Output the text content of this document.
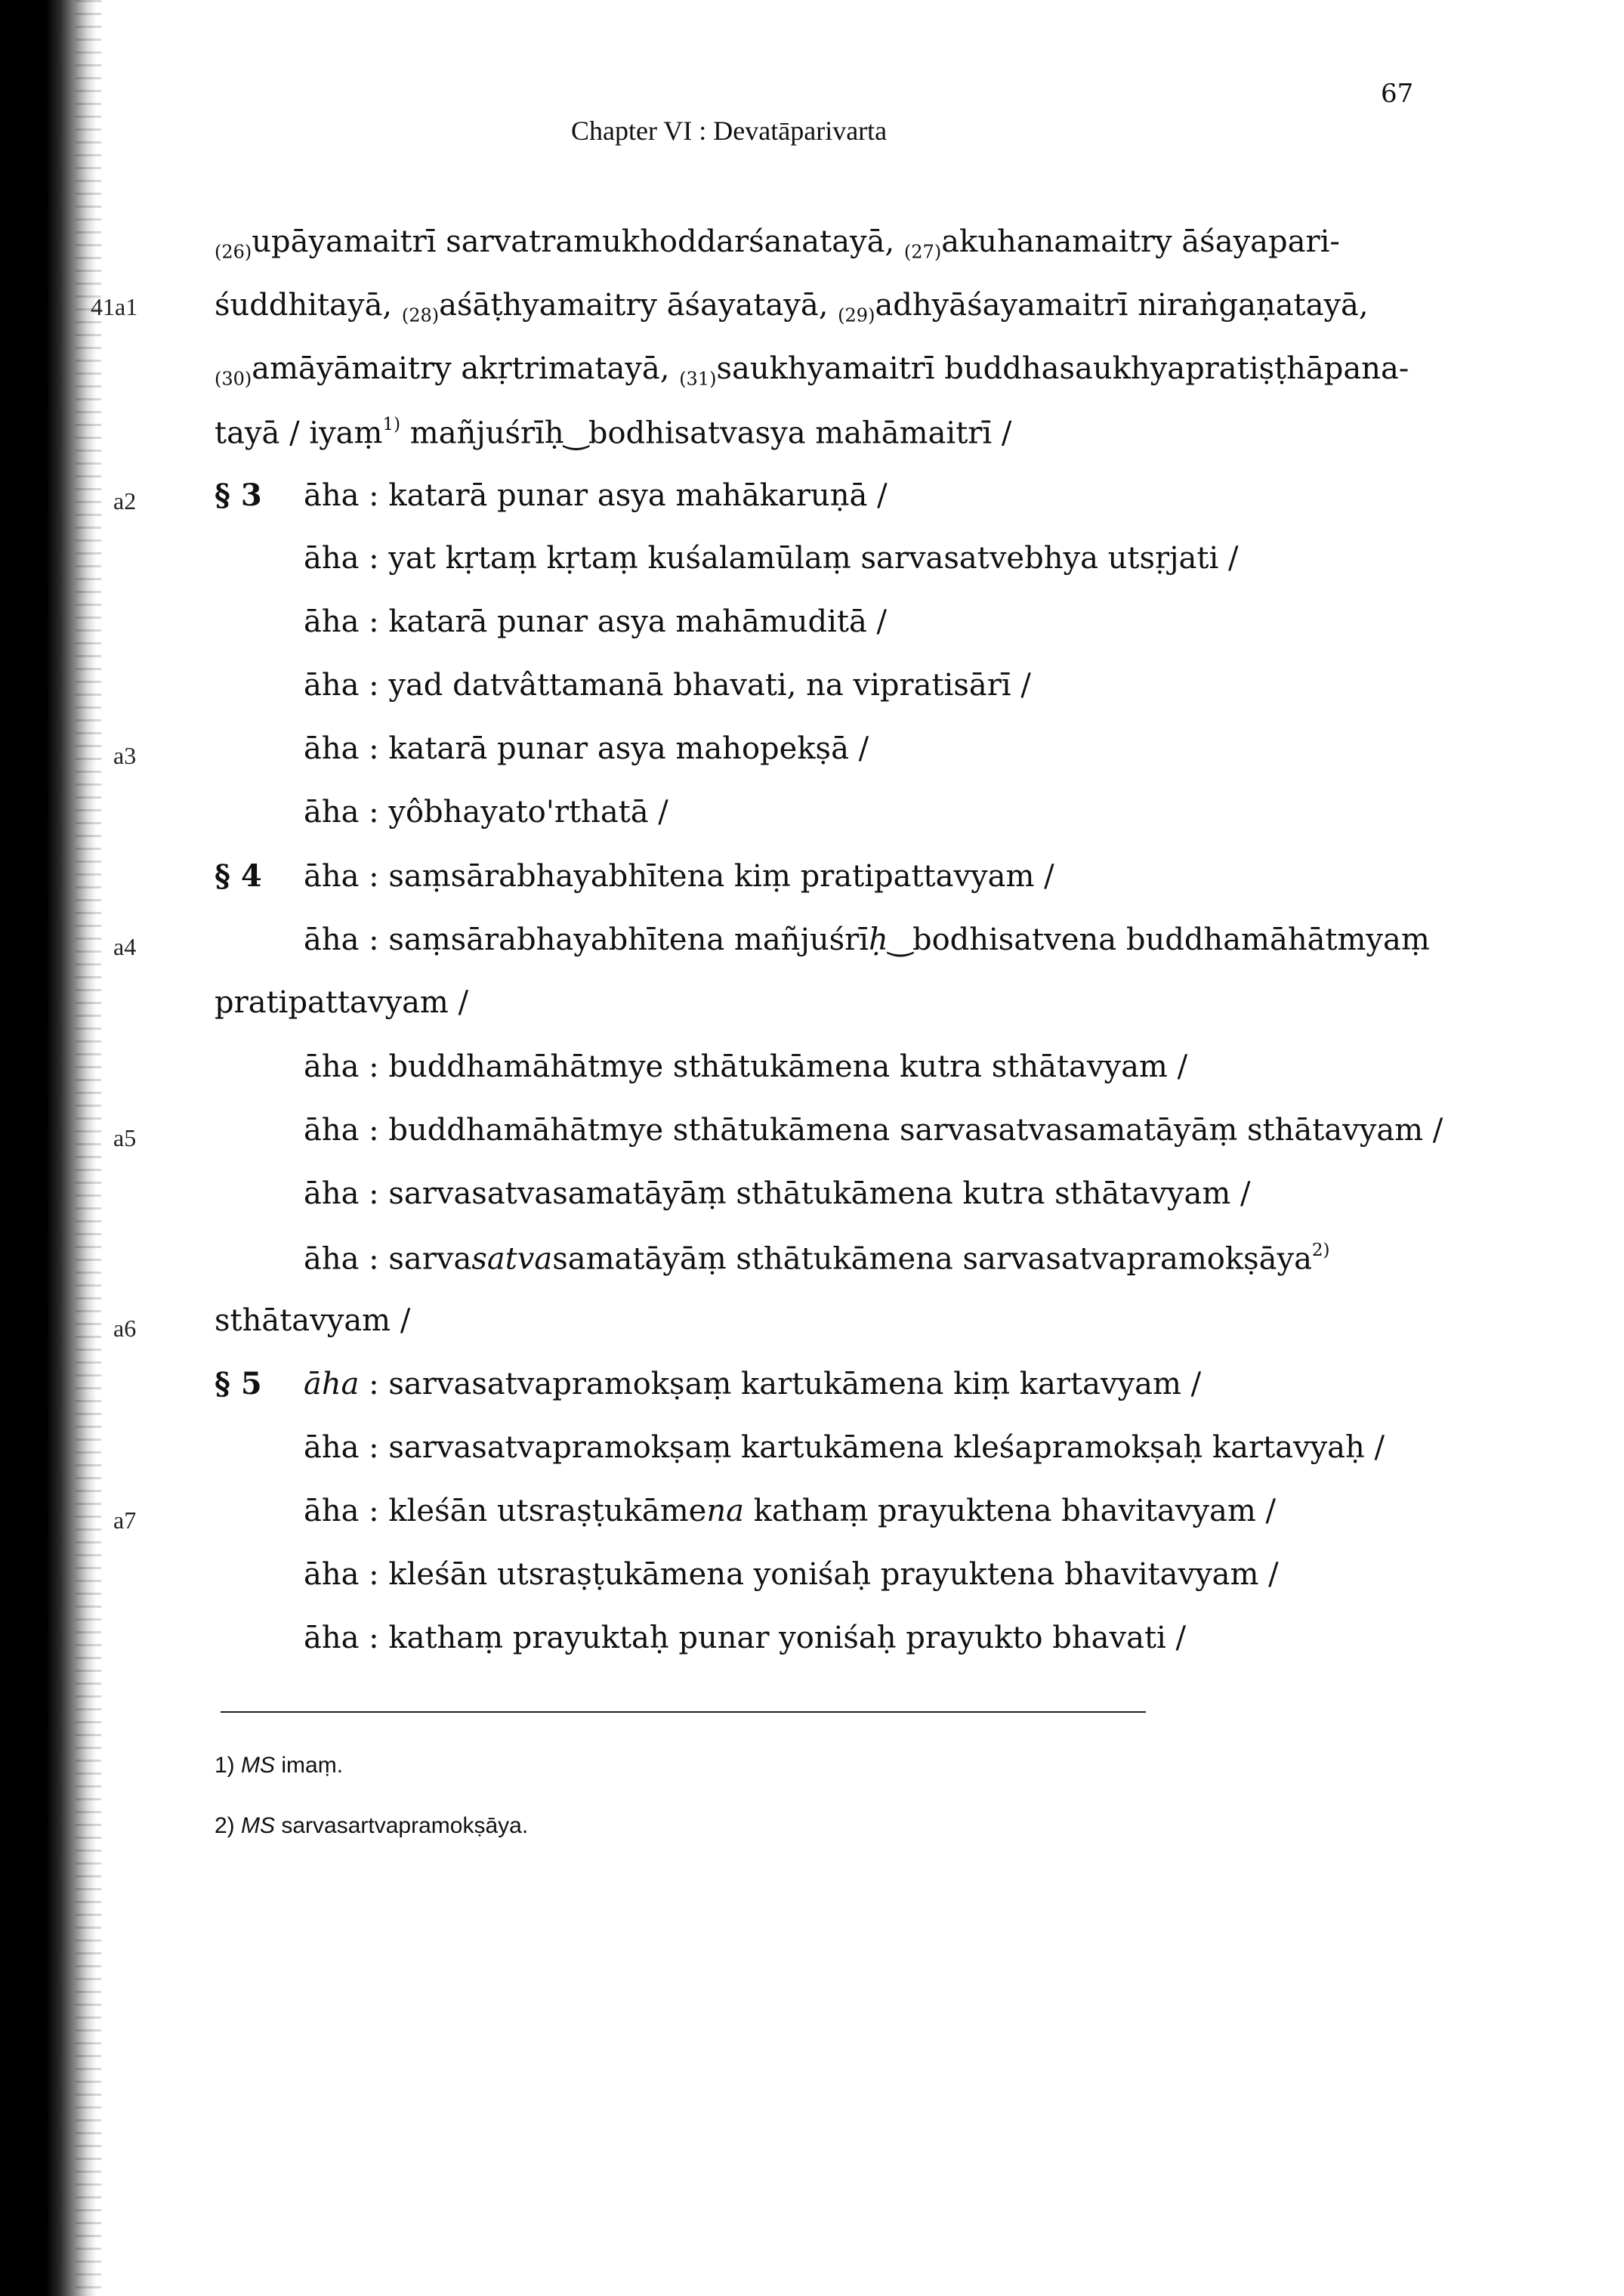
67
Chapter VI : Devatāparivarta
41a1
a2
a3
a4
a5
a6
a7
$_{(26)}$upāyamaitrī sarvatramukhoddarśanatayā, $_{(27)}$akuhanamaitry āśayapari-
śuddhitayā, $_{(28)}$aśāṭhyamaitry āśayatayā, $_{(29)}$adhyāśayamaitrī niraṅgaṇatayā,
$_{(30)}$amāyāmaitry akṛtrimatayā, $_{(31)}$saukhyamaitrī buddhasaukhyapratiṣṭhāpana-
tayā / iyaṃ$^{1)}$ mañjuśrīḥ‿bodhisatvasya mahāmaitrī /
§ 3 āha : katarā punar asya mahākaruṇā /
āha : yat kṛtaṃ kṛtaṃ kuśalamūlaṃ sarvasatvebhya utsṛjati /
āha : katarā punar asya mahāmuditā /
āha : yad datvâttamanā bhavati, na vipratisārī /
āha : katarā punar asya mahopekṣā /
āha : yôbhayato'rthatā /
§ 4 āha : saṃsārabhayabhītena kiṃ pratipattavyam /
āha : saṃsārabhayabhītena mañjuśrīḥ‿bodhisatvena buddhamāhātmyaṃ
pratipattavyam /
āha : buddhamāhātmye sthātukāmena kutra sthātavyam /
āha : buddhamāhātmye sthātukāmena sarvasatvasamatāyāṃ sthātavyam /
āha : sarvasatvasamatāyāṃ sthātukāmena kutra sthātavyam /
āha : sarvasatvasamatāyāṃ sthātukāmena sarvasatvapramokṣāya$^{2)}$
sthātavyam /
§ 5 āha : sarvasatvapramokṣaṃ kartukāmena kiṃ kartavyam /
āha : sarvasatvapramokṣaṃ kartukāmena kleśapramokṣaḥ kartavyaḥ /
āha : kleśān utsraṣṭukāmena kathaṃ prayuktena bhavitavyam /
āha : kleśān utsraṣṭukāmena yoniśaḥ prayuktena bhavitavyam /
āha : kathaṃ prayuktaḥ punar yoniśaḥ prayukto bhavati /
1) MS imaṃ.
2) MS sarvasartvapramokṣāya.
